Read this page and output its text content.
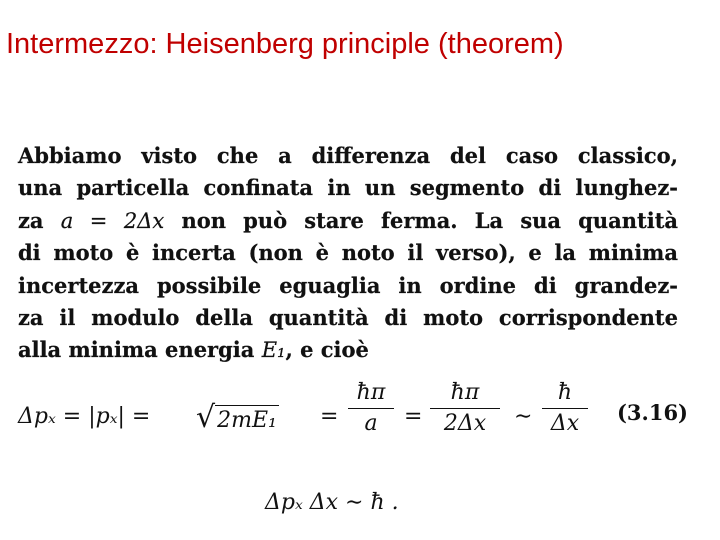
Intermezzo: Heisenberg principle (theorem)
Abbiamo visto che a differenza del caso classico,
una particella confinata in un segmento di lunghez-
za a = 2Δx non può stare ferma. La sua quantità
di moto è incerta (non è noto il verso), e la minima
incertezza possibile eguaglia in ordine di grandez-
za il modulo della quantità di moto corrispondente
alla minima energia E₁, e cioè
$\Delta p_x = |p_x| = √2mE_1 = \frac{ħ\pi}{a} = \frac{ħ\pi}{2\Delta x}$ ∼ $\frac{ħ}{\Delta x} (3.16)$
Δpₓ Δx ∼ ħ .
